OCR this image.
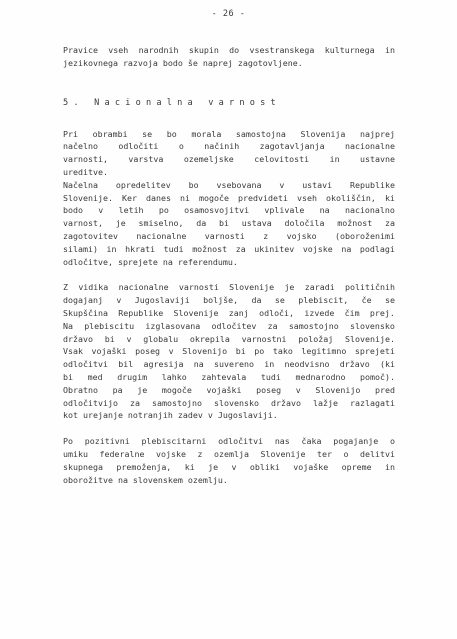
- 26 -

Pravice vseh narodnih skupin do vsestranskega kulturnega in
jezikovnega razvoja bodo še naprej zagotovljene.

5. Nacionalna varnost

Pri obrambi se bo morala samostojna Slovenija najprej
načelno odločiti o načinih zagotavljanja nacionalne
varnosti, varstva ozemeljske celovitosti in ustavne
ureditve.

Načelna opredelitev bo vsebovana v ustavi Republike
Slovenije. Ker danes ni mogoče predvideti vseh okoliščin, ki
bodo v letih po osamosvojitvi vplivale na nacionalno
varnost, je smiselno, da bi ustava določila možnost za
zagotovitev nacionalne varnosti z vojsko (oboroženimi
silami) in hkrati tudi možnost za ukinitev vojske na podlagi
odločitve, sprejete na referendumu.

Z vidika nacionalne varnosti Slovenije je zaradi političnih
dogajanj v Jugoslaviji boljše, da se plebiscit, če se
Skupščina Republike Slovenije zanj odloči, izvede čim prej.
Na plebiscitu izglasovana odločitev za samostojno slovensko
državo bi v globalu okrepila varnostni položaj Slovenije.
Vsak vojaški poseg v Slovenijo bi po tako legitimno sprejeti
odločitvi bil agresija na suvereno in neodvisno državo (ki
bi med drugim lahko zahtevala tudi mednarodno pomoč).
Obratno pa je mogoče vojaški poseg v Slovenijo pred
odločitvijo za samostojno slovensko državo lažje razlagati
kot urejanje notranjih zadev v Jugoslaviji.

Po pozitivni plebiscitarni odločitvi nas čaka pogajanje o
umiku federalne vojske z ozemlja Slovenije ter o delitvi
skupnega premoženja, ki je v obliki vojaške opreme in
oborožitve na slovenskem ozemlju.
